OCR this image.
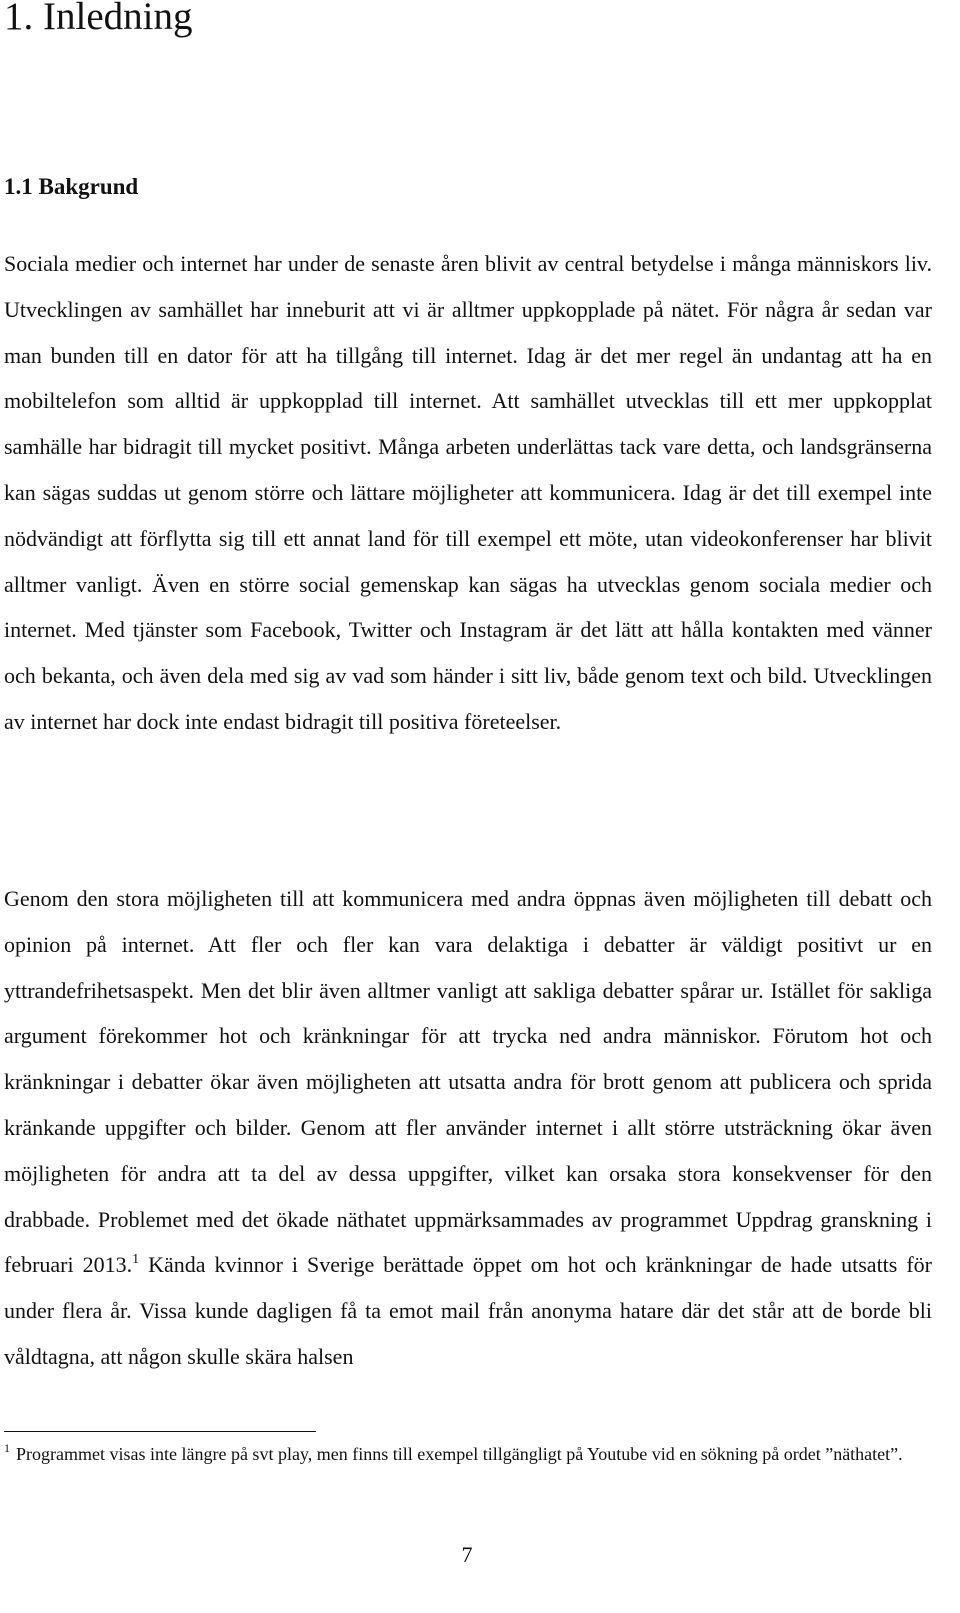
1. Inledning
1.1 Bakgrund

Sociala medier och internet har under de senaste åren blivit av central betydelse i många människors liv. Utvecklingen av samhället har inneburit att vi är alltmer uppkopplade på nätet. För några år sedan var man bunden till en dator för att ha tillgång till internet. Idag är det mer regel än undantag att ha en mobiltelefon som alltid är uppkopplad till internet. Att samhället utvecklas till ett mer uppkopplat samhälle har bidragit till mycket positivt. Många arbeten underlättas tack vare detta, och landsgränserna kan sägas suddas ut genom större och lättare möjligheter att kommunicera. Idag är det till exempel inte nödvändigt att förflytta sig till ett annat land för till exempel ett möte, utan videokonferenser har blivit alltmer vanligt. Även en större social gemenskap kan sägas ha utvecklas genom sociala medier och internet. Med tjänster som Facebook, Twitter och Instagram är det lätt att hålla kontakten med vänner och bekanta, och även dela med sig av vad som händer i sitt liv, både genom text och bild. Utvecklingen av internet har dock inte endast bidragit till positiva företeelser.

Genom den stora möjligheten till att kommunicera med andra öppnas även möjligheten till debatt och opinion på internet. Att fler och fler kan vara delaktiga i debatter är väldigt positivt ur en yttrandefrihetsaspekt. Men det blir även alltmer vanligt att sakliga debatter spårar ur. Istället för sakliga argument förekommer hot och kränkningar för att trycka ned andra människor. Förutom hot och kränkningar i debatter ökar även möjligheten att utsatta andra för brott genom att publicera och sprida kränkande uppgifter och bilder. Genom att fler använder internet i allt större utsträckning ökar även möjligheten för andra att ta del av dessa uppgifter, vilket kan orsaka stora konsekvenser för den drabbade. Problemet med det ökade näthatet uppmärksammades av programmet Uppdrag granskning i februari 2013.$^1$ Kända kvinnor i Sverige berättade öppet om hot och kränkningar de hade utsatts för under flera år. Vissa kunde dagligen få ta emot mail från anonyma hatare där det står att de borde bli våldtagna, att någon skulle skära halsen

$^1$ Programmet visas inte längre på svt play, men finns till exempel tillgängligt på Youtube vid en sökning på ordet ”näthatet”.

7
